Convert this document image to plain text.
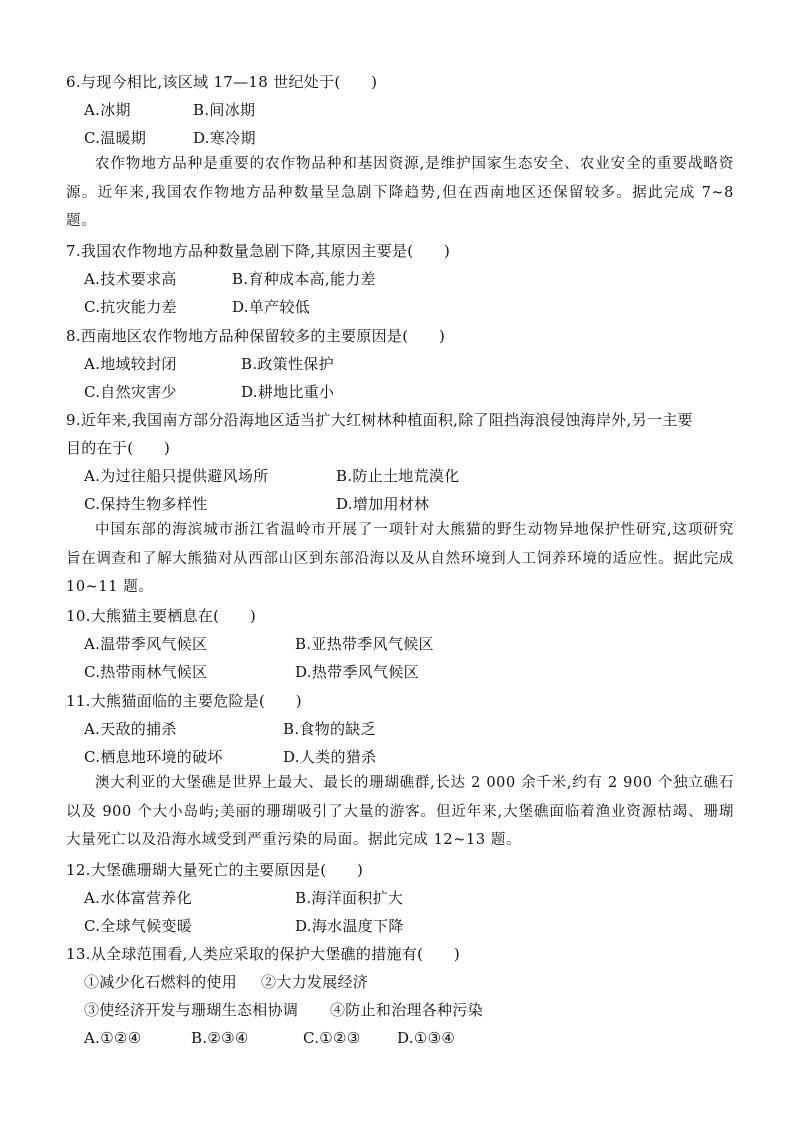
6.与现今相比,该区域 17—18 世纪处于(　　)
A.冰期	B.间冰期
C.温暖期	D.寒冷期
农作物地方品种是重要的农作物品种和基因资源,是维护国家生态安全、农业安全的重要战略资源。近年来,我国农作物地方品种数量呈急剧下降趋势,但在西南地区还保留较多。据此完成 7~8 题。
7.我国农作物地方品种数量急剧下降,其原因主要是(　　)
A.技术要求高	B.育种成本高,能力差
C.抗灾能力差	D.单产较低
8.西南地区农作物地方品种保留较多的主要原因是(　　)
A.地域较封闭	B.政策性保护
C.自然灾害少	D.耕地比重小
9.近年来,我国南方部分沿海地区适当扩大红树林种植面积,除了阻挡海浪侵蚀海岸外,另一主要
目的在于(　　)
A.为过往船只提供避风场所	B.防止土地荒漠化
C.保持生物多样性	D.增加用材林
中国东部的海滨城市浙江省温岭市开展了一项针对大熊猫的野生动物异地保护性研究,这项研究旨在调查和了解大熊猫对从西部山区到东部沿海以及从自然环境到人工饲养环境的适应性。据此完成 10~11 题。
10.大熊猫主要栖息在(　　)
A.温带季风气候区	B.亚热带季风气候区
C.热带雨林气候区	D.热带季风气候区
11.大熊猫面临的主要危险是(　　)
A.天敌的捕杀	B.食物的缺乏
C.栖息地环境的破坏	D.人类的猎杀
澳大利亚的大堡礁是世界上最大、最长的珊瑚礁群,长达 2 000 余千米,约有 2 900 个独立礁石以及 900 个大小岛屿;美丽的珊瑚吸引了大量的游客。但近年来,大堡礁面临着渔业资源枯竭、珊瑚大量死亡以及沿海水域受到严重污染的局面。据此完成 12~13 题。
12.大堡礁珊瑚大量死亡的主要原因是(　　)
A.水体富营养化	B.海洋面积扩大
C.全球气候变暖	D.海水温度下降
13.从全球范围看,人类应采取的保护大堡礁的措施有(　　)
①减少化石燃料的使用 ②大力发展经济
③使经济开发与珊瑚生态相协调 ④防止和治理各种污染
A.①②④	B.②③④	C.①②③ D.①③④
